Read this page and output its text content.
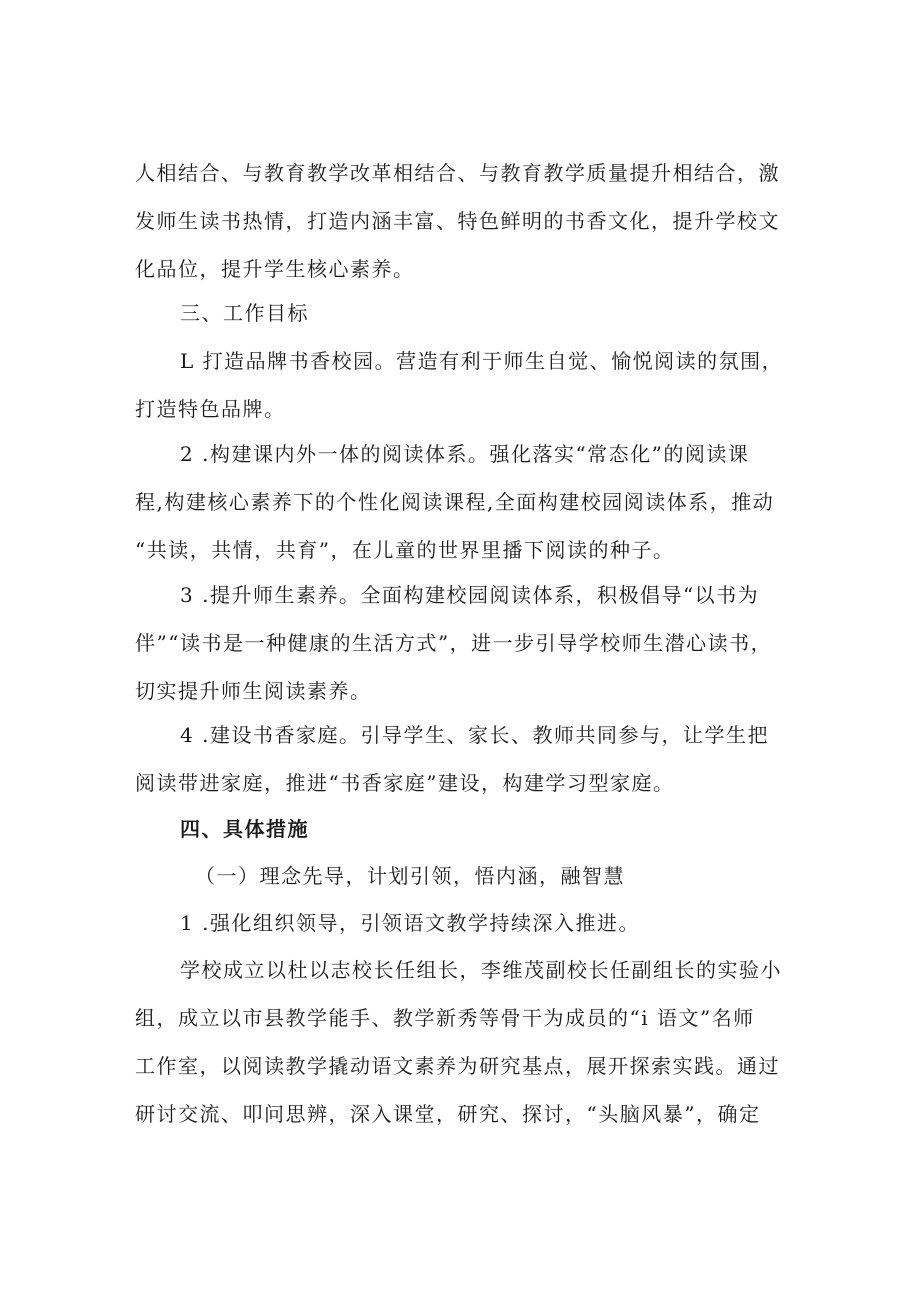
人相结合、与教育教学改革相结合、与教育教学质量提升相结合，激
发师生读书热情，打造内涵丰富、特色鲜明的书香文化，提升学校文
化品位，提升学生核心素养。
三、工作目标
L 打造品牌书香校园。营造有利于师生自觉、愉悦阅读的氛围，
打造特色品牌。
2 .构建课内外一体的阅读体系。强化落实“常态化”的阅读课
程,构建核心素养下的个性化阅读课程,全面构建校园阅读体系，推动
“共读，共情，共育”，在儿童的世界里播下阅读的种子。
3 .提升师生素养。全面构建校园阅读体系，积极倡导“以书为
伴”“读书是一种健康的生活方式”，进一步引导学校师生潜心读书，
切实提升师生阅读素养。
4 .建设书香家庭。引导学生、家长、教师共同参与，让学生把
阅读带进家庭，推进“书香家庭”建设，构建学习型家庭。
四、具体措施
（一）理念先导，计划引领，悟内涵，融智慧
1 .强化组织领导，引领语文教学持续深入推进。
学校成立以杜以志校长任组长，李维茂副校长任副组长的实验小
组，成立以市县教学能手、教学新秀等骨干为成员的“i 语文”名师
工作室，以阅读教学撬动语文素养为研究基点，展开探索实践。通过
研讨交流、叩问思辨，深入课堂，研究、探讨，“头脑风暴”，确定
